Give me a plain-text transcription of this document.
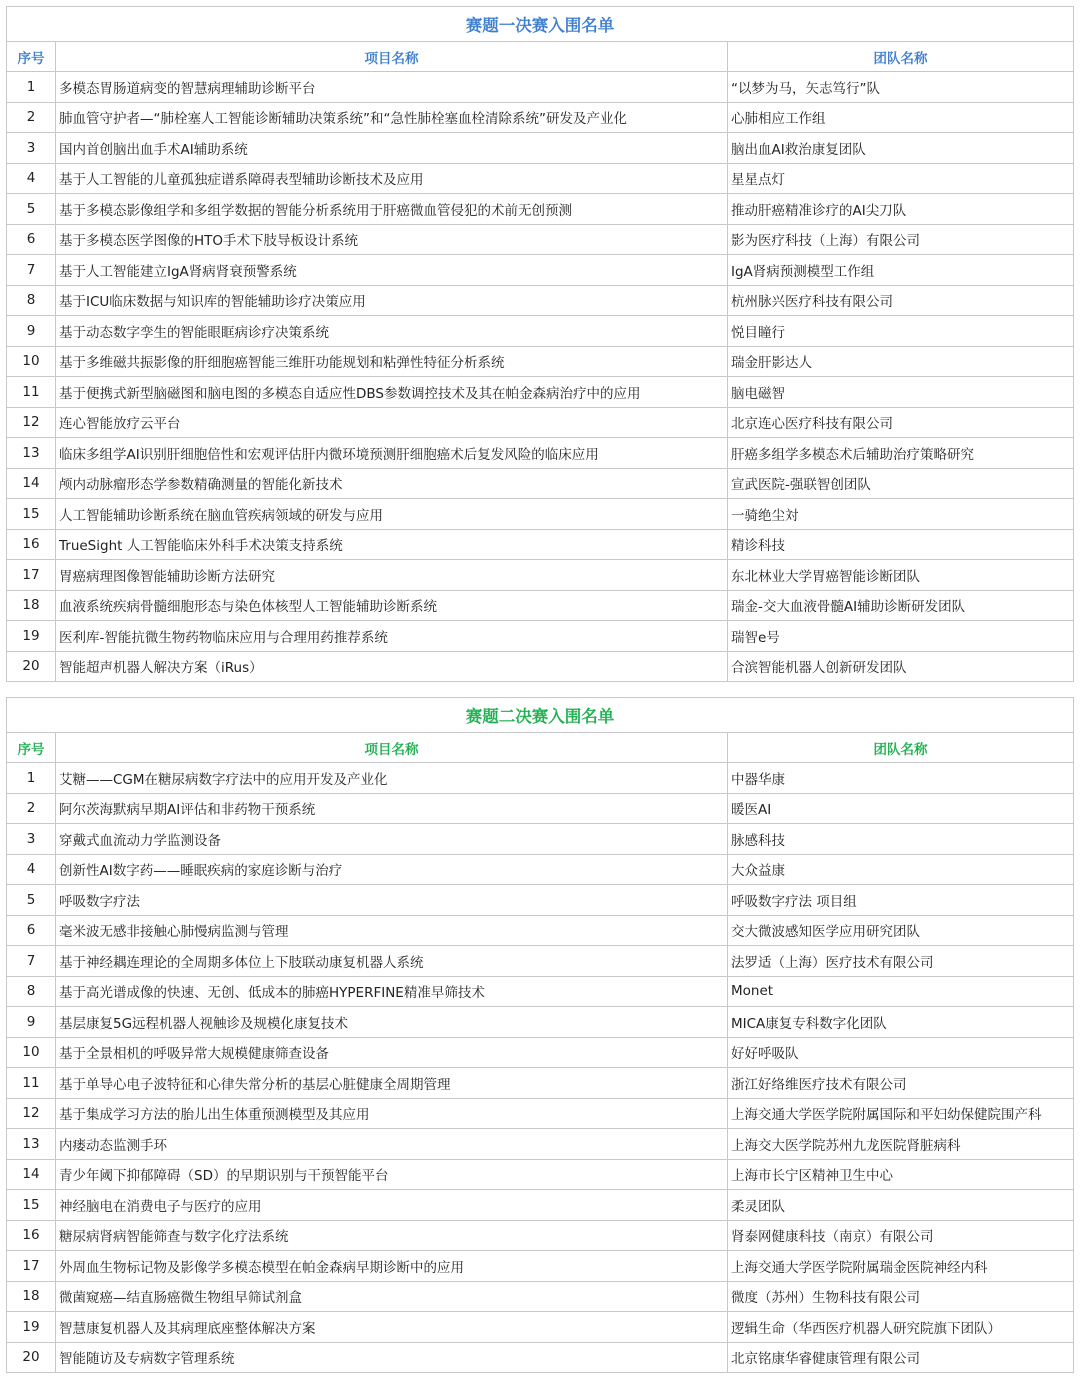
赛题一决赛入围名单		
序号	项目名称	团队名称
1	多模态胃肠道病变的智慧病理辅助诊断平台	“以梦为马，矢志笃行”队
2	肺血管守护者—“肺栓塞人工智能诊断辅助决策系统”和“急性肺栓塞血栓清除系统”研发及产业化	心肺相应工作组
3	国内首创脑出血手术AI辅助系统	脑出血AI救治康复团队
4	基于人工智能的儿童孤独症谱系障碍表型辅助诊断技术及应用	星星点灯
5	基于多模态影像组学和多组学数据的智能分析系统用于肝癌微血管侵犯的术前无创预测	推动肝癌精准诊疗的AI尖刀队
6	基于多模态医学图像的HTO手术下肢导板设计系统	影为医疗科技（上海）有限公司
7	基于人工智能建立IgA肾病肾衰预警系统	IgA肾病预测模型工作组
8	基于ICU临床数据与知识库的智能辅助诊疗决策应用	杭州脉兴医疗科技有限公司
9	基于动态数字孪生的智能眼眶病诊疗决策系统	悦目瞳行
10	基于多维磁共振影像的肝细胞癌智能三维肝功能规划和粘弹性特征分析系统	瑞金肝影达人
11	基于便携式新型脑磁图和脑电图的多模态自适应性DBS参数调控技术及其在帕金森病治疗中的应用	脑电磁智
12	连心智能放疗云平台	北京连心医疗科技有限公司
13	临床多组学AI识别肝细胞倍性和宏观评估肝内微环境预测肝细胞癌术后复发风险的临床应用	肝癌多组学多模态术后辅助治疗策略研究
14	颅内动脉瘤形态学参数精确测量的智能化新技术	宣武医院-强联智创团队
15	人工智能辅助诊断系统在脑血管疾病领域的研发与应用	一骑绝尘対
16	TrueSight 人工智能临床外科手术决策支持系统	精诊科技
17	胃癌病理图像智能辅助诊断方法研究	东北林业大学胃癌智能诊断团队
18	血液系统疾病骨髓细胞形态与染色体核型人工智能辅助诊断系统	瑞金-交大血液骨髓AI辅助诊断研发团队
19	医利库-智能抗微生物药物临床应用与合理用药推荐系统	瑞智e号
20	智能超声机器人解决方案（iRus）	合滨智能机器人创新研发团队
赛题二决赛入围名单		
序号	项目名称	团队名称
1	艾糖——CGM在糖尿病数字疗法中的应用开发及产业化	中器华康
2	阿尔茨海默病早期AI评估和非药物干预系统	暖医AI
3	穿戴式血流动力学监测设备	脉感科技
4	创新性AI数字药——睡眠疾病的家庭诊断与治疗	大众益康
5	呼吸数字疗法	呼吸数字疗法 项目组
6	毫米波无感非接触心肺慢病监测与管理	交大微波感知医学应用研究团队
7	基于神经耦连理论的全周期多体位上下肢联动康复机器人系统	法罗适（上海）医疗技术有限公司
8	基于高光谱成像的快速、无创、低成本的肺癌HYPERFINE精准早筛技术	Monet
9	基层康复5G远程机器人视触诊及规模化康复技术	MICA康复专科数字化团队
10	基于全景相机的呼吸异常大规模健康筛查设备	好好呼吸队
11	基于单导心电子波特征和心律失常分析的基层心脏健康全周期管理	浙江好络维医疗技术有限公司
12	基于集成学习方法的胎儿出生体重预测模型及其应用	上海交通大学医学院附属国际和平妇幼保健院围产科
13	内瘘动态监测手环	上海交大医学院苏州九龙医院肾脏病科
14	青少年阈下抑郁障碍（SD）的早期识别与干预智能平台	上海市长宁区精神卫生中心
15	神经脑电在消费电子与医疗的应用	柔灵团队
16	糖尿病肾病智能筛查与数字化疗法系统	肾泰网健康科技（南京）有限公司
17	外周血生物标记物及影像学多模态模型在帕金森病早期诊断中的应用	上海交通大学医学院附属瑞金医院神经内科
18	微菌窥癌—结直肠癌微生物组早筛试剂盒	微度（苏州）生物科技有限公司
19	智慧康复机器人及其病理底座整体解决方案	逻辑生命（华西医疗机器人研究院旗下团队）
20	智能随访及专病数字管理系统	北京铭康华睿健康管理有限公司
